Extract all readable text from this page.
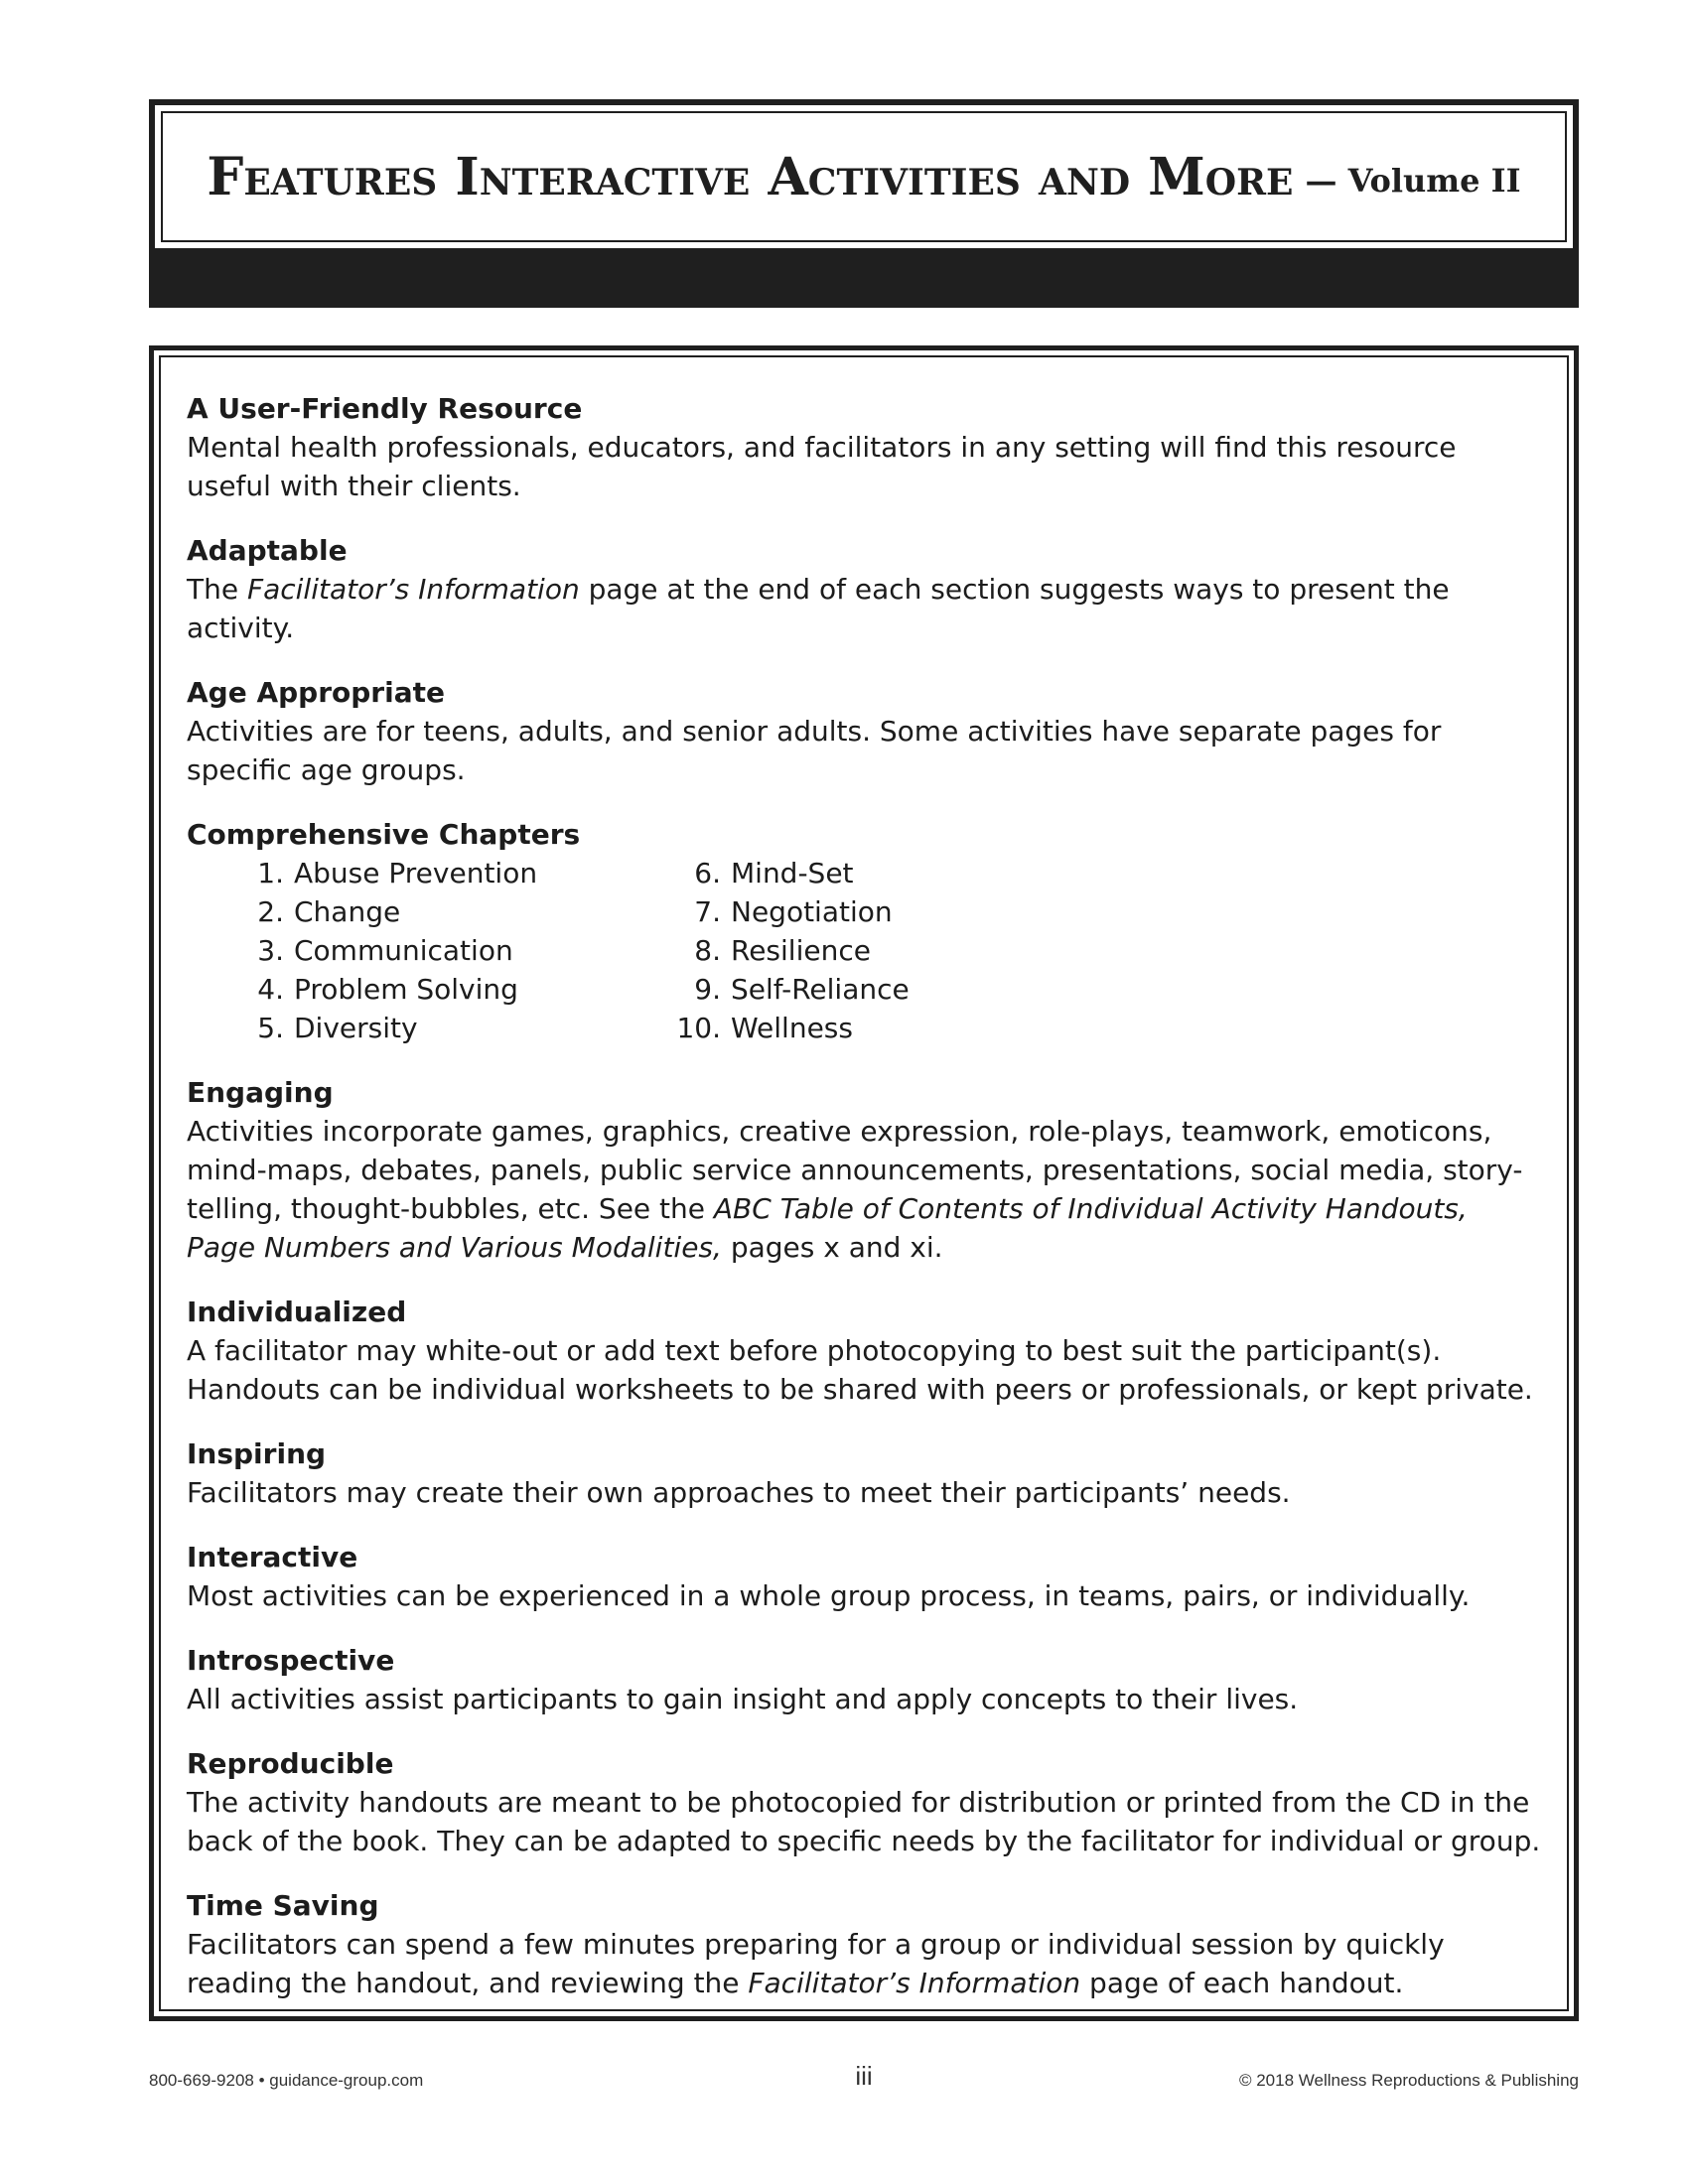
Features Interactive Activities and More — Volume II
A User-Friendly Resource
Mental health professionals, educators, and facilitators in any setting will find this resource useful with their clients.
Adaptable
The Facilitator’s Information page at the end of each section suggests ways to present the activity.
Age Appropriate
Activities are for teens, adults, and senior adults. Some activities have separate pages for specific age groups.
Comprehensive Chapters
1. Abuse Prevention	6. Mind-Set
2. Change	7. Negotiation
3. Communication	8. Resilience
4. Problem Solving	9. Self-Reliance
5. Diversity	10. Wellness
Engaging
Activities incorporate games, graphics, creative expression, role-plays, teamwork, emoticons, mind-maps, debates, panels, public service announcements, presentations, social media, story-telling, thought-bubbles, etc. See the ABC Table of Contents of Individual Activity Handouts, Page Numbers and Various Modalities, pages x and xi.
Individualized
A facilitator may white-out or add text before photocopying to best suit the participant(s).
Handouts can be individual worksheets to be shared with peers or professionals, or kept private.
Inspiring
Facilitators may create their own approaches to meet their participants’ needs.
Interactive
Most activities can be experienced in a whole group process, in teams, pairs, or individually.
Introspective
All activities assist participants to gain insight and apply concepts to their lives.
Reproducible
The activity handouts are meant to be photocopied for distribution or printed from the CD in the back of the book. They can be adapted to specific needs by the facilitator for individual or group.
Time Saving
Facilitators can spend a few minutes preparing for a group or individual session by quickly reading the handout, and reviewing the Facilitator’s Information page of each handout.
800-669-9208 • guidance-group.com	iii	© 2018 Wellness Reproductions & Publishing
